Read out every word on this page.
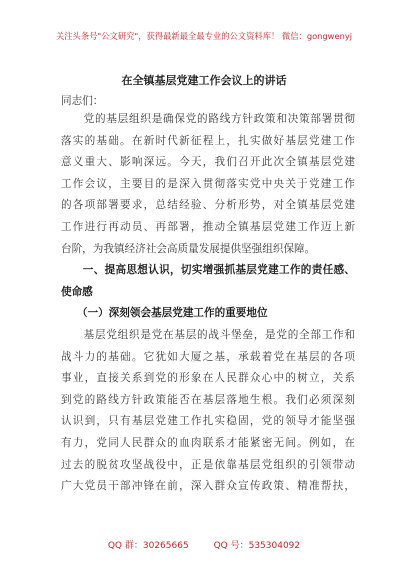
关注头条号"公文研究"，获得最新最全最专业的公文资料库！ 微信：gongwenyj
在全镇基层党建工作会议上的讲话
同志们：
　　党的基层组织是确保党的路线方针政策和决策部署贯彻
落实的基础。在新时代新征程上，扎实做好基层党建工作
意义重大、影响深远。今天，我们召开此次全镇基层党建
工作会议，主要目的是深入贯彻落实党中央关于党建工作
的各项部署要求，总结经验、分析形势，对全镇基层党建
工作进行再动员、再部署，推动全镇基层党建工作迈上新
台阶，为我镇经济社会高质量发展提供坚强组织保障。
　　一、提高思想认识，切实增强抓基层党建工作的责任感、
使命感
　　（一）深刻领会基层党建工作的重要地位
　　基层党组织是党在基层的战斗堡垒，是党的全部工作和
战斗力的基础。它犹如大厦之基，承载着党在基层的各项
事业，直接关系到党的形象在人民群众心中的树立，关系
到党的路线方针政策能否在基层落地生根。我们必须深刻
认识到，只有基层党建工作扎实稳固，党的领导才能坚强
有力，党同人民群众的血肉联系才能紧密无间。例如，在
过去的脱贫攻坚战役中，正是依靠基层党组织的引领带动
广大党员干部冲锋在前，深入群众宣传政策、精准帮扶，
QQ 群：30265665	QQ 号：535304092
